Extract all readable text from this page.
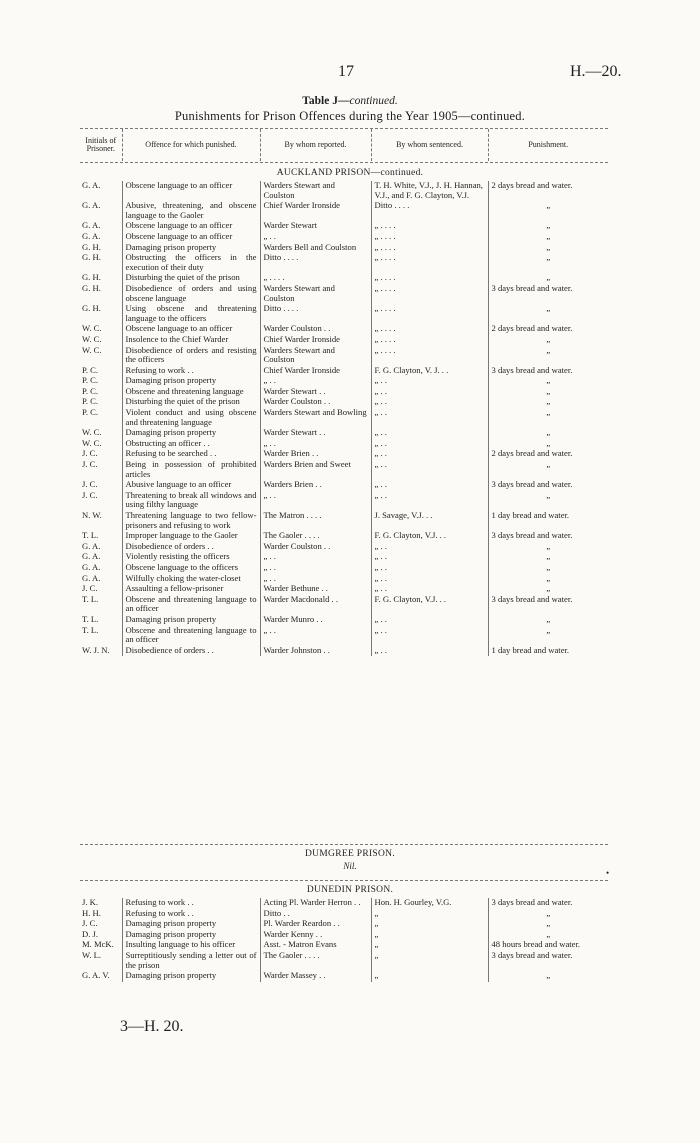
17	H.—20.
Table J—continued.
Punishments for Prison Offences during the Year 1905—continued.
Initials of Prisoner.	Offence for which punished.	By whom reported.	By whom sentenced.	Punishment.
AUCKLAND PRISON—continued.
G. A.	Obscene language to an officer	Warders Stewart and Coulston	T. H. White, V.J., J. H. Hannan, V.J., and F. G. Clayton, V.J.	2 days bread and water.
G. A.	Abusive, threatening, and obscene language to the Gaoler	Chief Warder Ironside	Ditto . . . .	„
G. A.	Obscene language to an officer	Warder Stewart	„ . . . .	„
G. A.	Obscene language to an officer	„ . .	„ . . . .	„
G. H.	Damaging prison property	Warders Bell and Coulston	„ . . . .	„
G. H.	Obstructing the officers in the execution of their duty	Ditto . . . .	„ . . . .	„
G. H.	Disturbing the quiet of the prison	„ . . . .	„ . . . .	„
G. H.	Disobedience of orders and using obscene language	Warders Stewart and Coulston	„ . . . .	3 days bread and water.
G. H.	Using obscene and threatening language to the officers	Ditto . . . .	„ . . . .	„
W. C.	Obscene language to an officer	Warder Coulston . .	„ . . . .	2 days bread and water.
W. C.	Insolence to the Chief Warder	Chief Warder Ironside	„ . . . .	„
W. C.	Disobedience of orders and resisting the officers	Warders Stewart and Coulston	„ . . . .	„
P. C.	Refusing to work . .	Chief Warder Ironside	F. G. Clayton, V. J. . .	3 days bread and water.
P. C.	Damaging prison property	„ . .	„ . .	„
P. C.	Obscene and threatening language	Warder Stewart . .	„ . .	„
P. C.	Disturbing the quiet of the prison	Warder Coulston . .	„ . .	„
P. C.	Violent conduct and using obscene and threatening language	Warders Stewart and Bowling	„ . .	„
W. C.	Damaging prison property	Warder Stewart . .	„ . .	„
W. C.	Obstructing an officer . .	„ . .	„ . .	„
J. C.	Refusing to be searched . .	Warder Brien . .	„ . .	2 days bread and water.
J. C.	Being in possession of prohibited articles	Warders Brien and Sweet	„ . .	„
J. C.	Abusive language to an officer	Warders Brien . .	„ . .	3 days bread and water.
J. C.	Threatening to break all windows and using filthy language	„ . .	„ . .	„
N. W.	Threatening language to two fellow-prisoners and refusing to work	The Matron . . . .	J. Savage, V.J. . .	1 day bread and water.
T. L.	Improper language to the Gaoler	The Gaoler . . . .	F. G. Clayton, V.J. . .	3 days bread and water.
G. A.	Disobedience of orders . .	Warder Coulston . .	„ . .	„
G. A.	Violently resisting the officers	„ . .	„ . .	„
G. A.	Obscene language to the officers	„ . .	„ . .	„
G. A.	Wilfully choking the water-closet	„ . .	„ . .	„
J. C.	Assaulting a fellow-prisoner	Warder Bethune . .	„ . .	„
T. L.	Obscene and threatening language to an officer	Warder Macdonald . .	F. G. Clayton, V.J. . .	3 days bread and water.
T. L.	Damaging prison property	Warder Munro . .	„ . .	„
T. L.	Obscene and threatening language to an officer	„ . .	„ . .	„
W. J. N.	Disobedience of orders . .	Warder Johnston . .	„ . .	1 day bread and water.
DUMGREE PRISON.
Nil.
•
DUNEDIN PRISON.
J. K.	Refusing to work . .	Acting Pl. Warder Herron . .	Hon. H. Gourley, V.G.	3 days bread and water.
H. H.	Refusing to work . .	Ditto . .	„	„
J. C.	Damaging prison property	Pl. Warder Reardon . .	„	„
D. J.	Damaging prison property	Warder Kenny . .	„	„
M. McK.	Insulting language to his officer	Asst. - Matron Evans	„	48 hours bread and water.
W. L.	Surreptitiously sending a letter out of the prison	The Gaoler . . . .	„	3 days bread and water.
G. A. V.	Damaging prison property	Warder Massey . .	„	„
3—H. 20.
